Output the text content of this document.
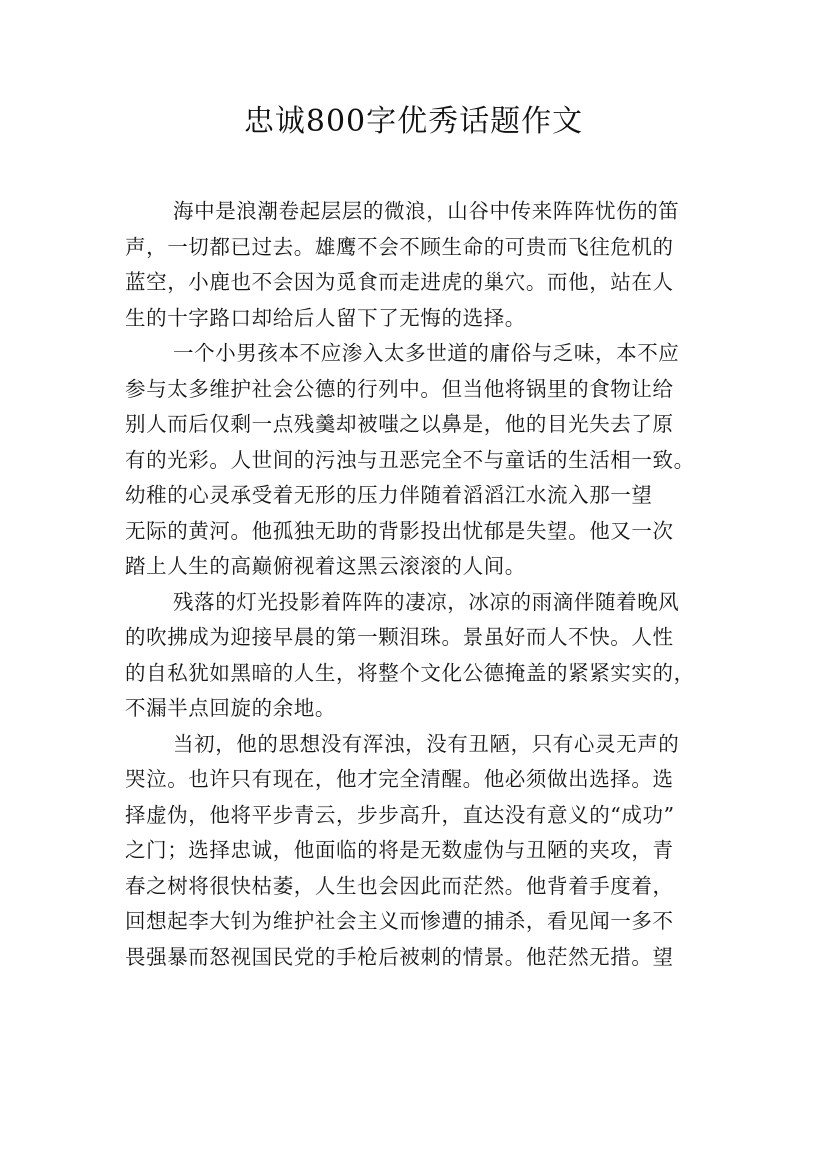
忠诚800字优秀话题作文
海中是浪潮卷起层层的微浪，山谷中传来阵阵忧伤的笛
声，一切都已过去。雄鹰不会不顾生命的可贵而飞往危机的
蓝空，小鹿也不会因为觅食而走进虎的巢穴。而他，站在人
生的十字路口却给后人留下了无悔的选择。
一个小男孩本不应渗入太多世道的庸俗与乏味，本不应
参与太多维护社会公德的行列中。但当他将锅里的食物让给
别人而后仅剩一点残羹却被嗤之以鼻是，他的目光失去了原
有的光彩。人世间的污浊与丑恶完全不与童话的生活相一致。
幼稚的心灵承受着无形的压力伴随着滔滔江水流入那一望
无际的黄河。他孤独无助的背影投出忧郁是失望。他又一次
踏上人生的高巅俯视着这黑云滚滚的人间。
残落的灯光投影着阵阵的凄凉，冰凉的雨滴伴随着晚风
的吹拂成为迎接早晨的第一颗泪珠。景虽好而人不快。人性
的自私犹如黑暗的人生，将整个文化公德掩盖的紧紧实实的，
不漏半点回旋的余地。
当初，他的思想没有浑浊，没有丑陋，只有心灵无声的
哭泣。也许只有现在，他才完全清醒。他必须做出选择。选
择虚伪，他将平步青云，步步高升，直达没有意义的“成功”
之门；选择忠诚，他面临的将是无数虚伪与丑陋的夹攻，青
春之树将很快枯萎，人生也会因此而茫然。他背着手度着，
回想起李大钊为维护社会主义而惨遭的捕杀，看见闻一多不
畏强暴而怒视国民党的手枪后被刺的情景。他茫然无措。望
